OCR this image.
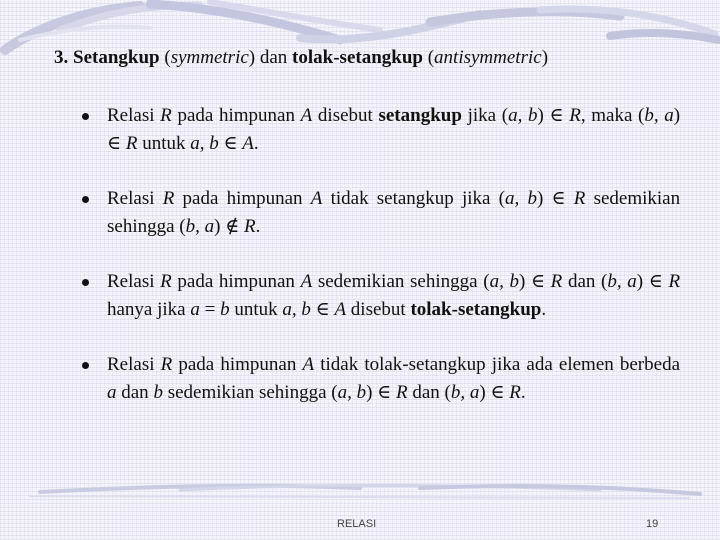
3. Setangkup (symmetric) dan tolak-setangkup (antisymmetric)
Relasi R pada himpunan A disebut setangkup jika (a, b) ∈ R, maka (b, a) ∈ R untuk a, b ∈ A.
Relasi R pada himpunan A tidak setangkup jika (a, b) ∈ R sedemikian sehingga (b, a) ∉ R.
Relasi R pada himpunan A sedemikian sehingga (a, b) ∈ R dan (b, a) ∈ R hanya jika a = b untuk a, b ∈ A disebut tolak-setangkup.
Relasi R pada himpunan A tidak tolak-setangkup jika ada elemen berbeda a dan b sedemikian sehingga (a, b) ∈ R dan (b, a) ∈ R.
RELASI	19
